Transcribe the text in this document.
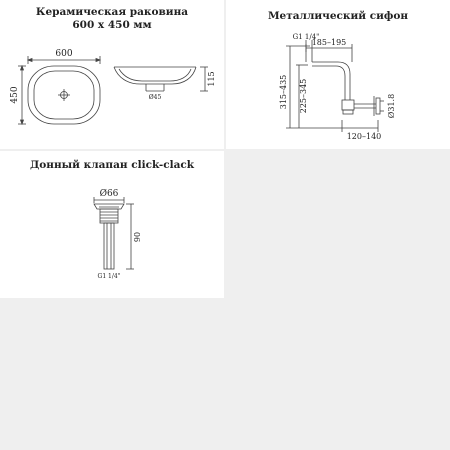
Керамическая раковина
600 x 450 мм
600
450
115
Ø45
Металлический сифон
G1 1/4"
185–195
315–435 225–345	Ø31.8
120–140
Донный клапан click-clack
Ø66
90
G1 1/4"
